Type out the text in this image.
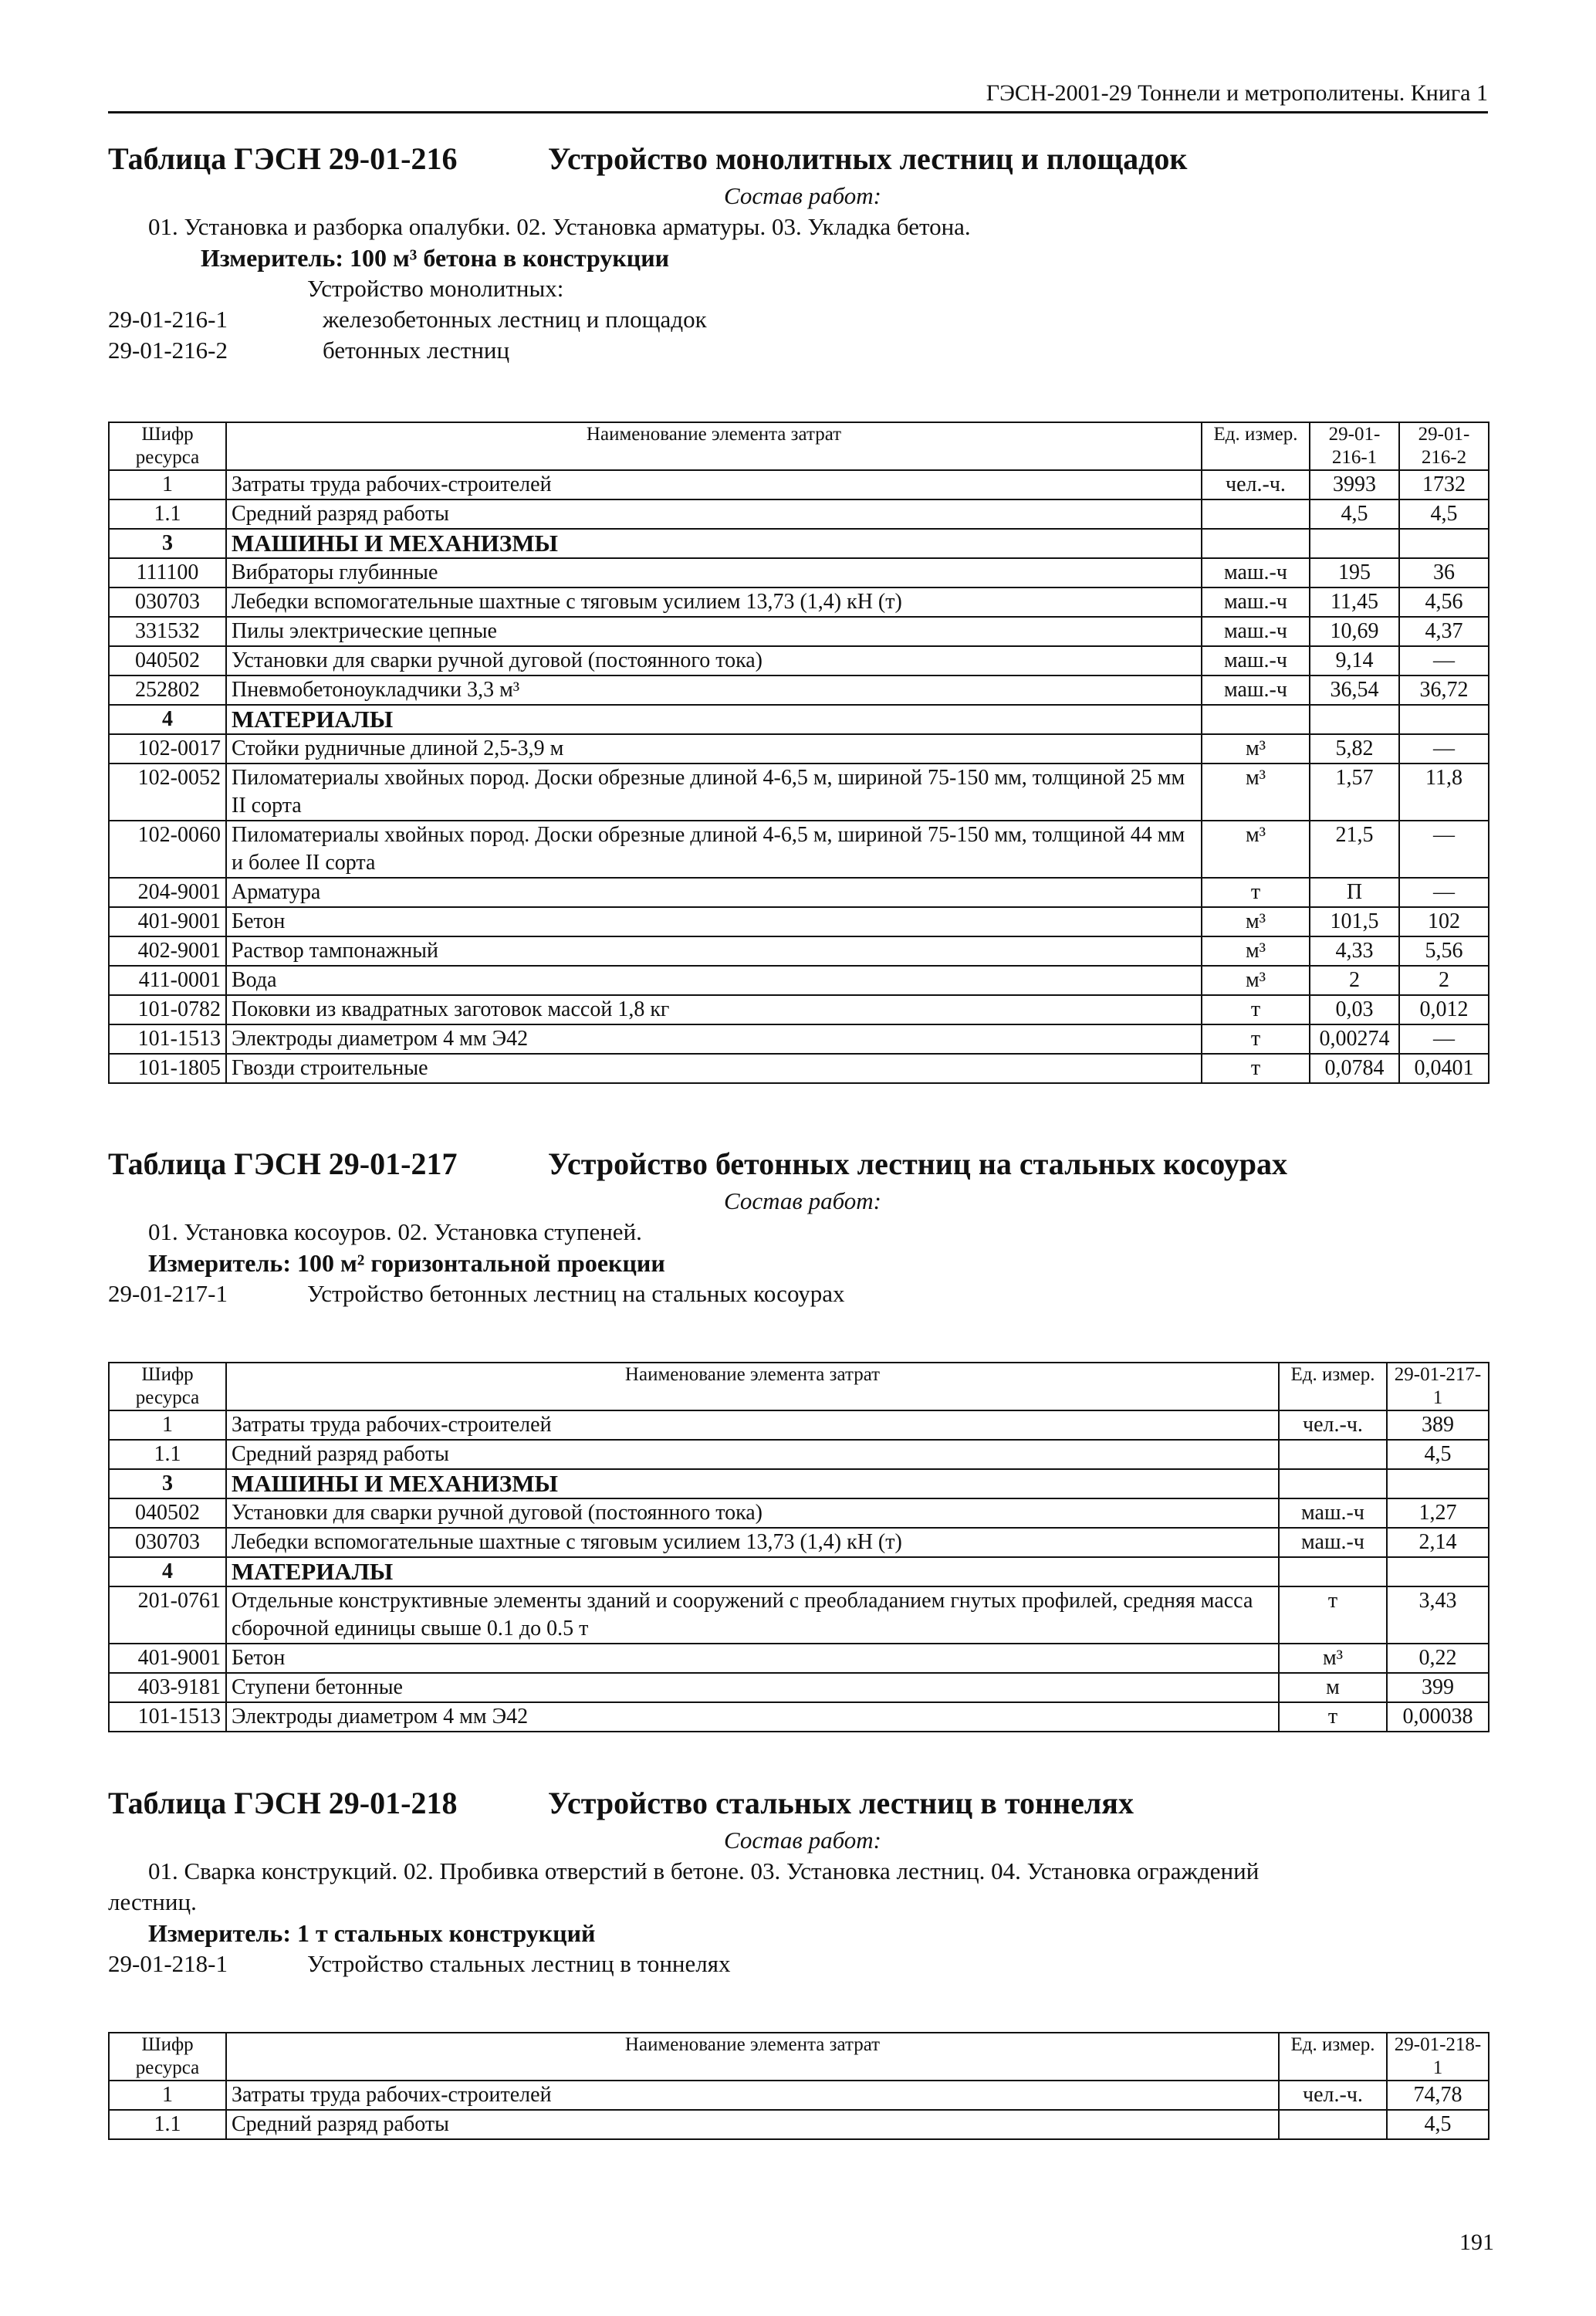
ГЭСН-2001-29 Тоннели и метрополитены. Книга 1
Таблица ГЭСН 29-01-216	Устройство монолитных лестниц и площадок
Состав работ:
01. Установка и разборка опалубки. 02. Установка арматуры. 03. Укладка бетона.
Измеритель: 100 м³ бетона в конструкции
Устройство монолитных:
29-01-216-1	железобетонных лестниц и площадок
29-01-216-2	бетонных лестниц
Шифр ресурса	Наименование элемента затрат	Ед. измер.	29-01-216-1	29-01-216-2
1	Затраты труда рабочих-строителей	чел.-ч.	3993	1732
1.1	Средний разряд работы		4,5	4,5
3	МАШИНЫ И МЕХАНИЗМЫ			
111100	Вибраторы глубинные	маш.-ч	195	36
030703	Лебедки вспомогательные шахтные с тяговым усилием 13,73 (1,4) кН (т)	маш.-ч	11,45	4,56
331532	Пилы электрические цепные	маш.-ч	10,69	4,37
040502	Установки для сварки ручной дуговой (постоянного тока)	маш.-ч	9,14	—
252802	Пневмобетоноукладчики 3,3 м³	маш.-ч	36,54	36,72
4	МАТЕРИАЛЫ			
102-0017	Стойки рудничные длиной 2,5-3,9 м	м³	5,82	—
102-0052	Пиломатериалы хвойных пород. Доски обрезные длиной 4-6,5 м, шириной 75-150 мм, толщиной 25 мм II сорта	м³	1,57	11,8
102-0060	Пиломатериалы хвойных пород. Доски обрезные длиной 4-6,5 м, шириной 75-150 мм, толщиной 44 мм и более II сорта	м³	21,5	—
204-9001	Арматура	т	П	—
401-9001	Бетон	м³	101,5	102
402-9001	Раствор тампонажный	м³	4,33	5,56
411-0001	Вода	м³	2	2
101-0782	Поковки из квадратных заготовок массой 1,8 кг	т	0,03	0,012
101-1513	Электроды диаметром 4 мм Э42	т	0,00274	—
101-1805	Гвозди строительные	т	0,0784	0,0401
Таблица ГЭСН 29-01-217	Устройство бетонных лестниц на стальных косоурах
Состав работ:
01. Установка косоуров. 02. Установка ступеней.
Измеритель: 100 м² горизонтальной проекции
29-01-217-1	Устройство бетонных лестниц на стальных косоурах
Шифр ресурса	Наименование элемента затрат	Ед. измер.	29-01-217-1
1	Затраты труда рабочих-строителей	чел.-ч.	389
1.1	Средний разряд работы		4,5
3	МАШИНЫ И МЕХАНИЗМЫ		
040502	Установки для сварки ручной дуговой (постоянного тока)	маш.-ч	1,27
030703	Лебедки вспомогательные шахтные с тяговым усилием 13,73 (1,4) кН (т)	маш.-ч	2,14
4	МАТЕРИАЛЫ		
201-0761	Отдельные конструктивные элементы зданий и сооружений с преобладанием гнутых профилей, средняя масса сборочной единицы свыше 0.1 до 0.5 т	т	3,43
401-9001	Бетон	м³	0,22
403-9181	Ступени бетонные	м	399
101-1513	Электроды диаметром 4 мм Э42	т	0,00038
Таблица ГЭСН 29-01-218	Устройство стальных лестниц в тоннелях
Состав работ:
01. Сварка конструкций. 02. Пробивка отверстий в бетоне. 03. Установка лестниц. 04. Установка ограждений
лестниц.
Измеритель: 1 т стальных конструкций
29-01-218-1	Устройство стальных лестниц в тоннелях
Шифр ресурса	Наименование элемента затрат	Ед. измер.	29-01-218-1
1	Затраты труда рабочих-строителей	чел.-ч.	74,78
1.1	Средний разряд работы		4,5
191
